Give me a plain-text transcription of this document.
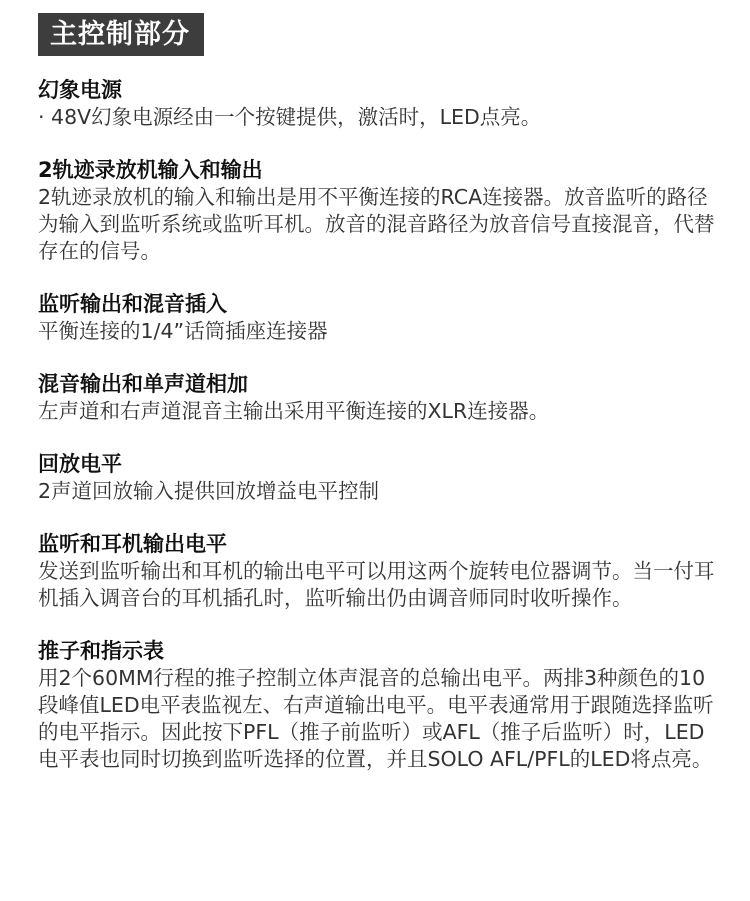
主控制部分
幻象电源
· 48V幻象电源经由一个按键提供，激活时，LED点亮。
2轨迹录放机输入和输出
2轨迹录放机的输入和输出是用不平衡连接的RCA连接器。放音监听的路径为输入到监听系统或监听耳机。放音的混音路径为放音信号直接混音，代替存在的信号。
监听输出和混音插入
平衡连接的1/4”话筒插座连接器
混音输出和单声道相加
左声道和右声道混音主输出采用平衡连接的XLR连接器。
回放电平
2声道回放输入提供回放增益电平控制
监听和耳机输出电平
发送到监听输出和耳机的输出电平可以用这两个旋转电位器调节。当一付耳机插入调音台的耳机插孔时，监听输出仍由调音师同时收听操作。
推子和指示表
用2个60MM行程的推子控制立体声混音的总输出电平。两排3种颜色的10段峰值LED电平表监视左、右声道输出电平。电平表通常用于跟随选择监听的电平指示。因此按下PFL（推子前监听）或AFL（推子后监听）时，LED电平表也同时切换到监听选择的位置，并且SOLO AFL/PFL的LED将点亮。
